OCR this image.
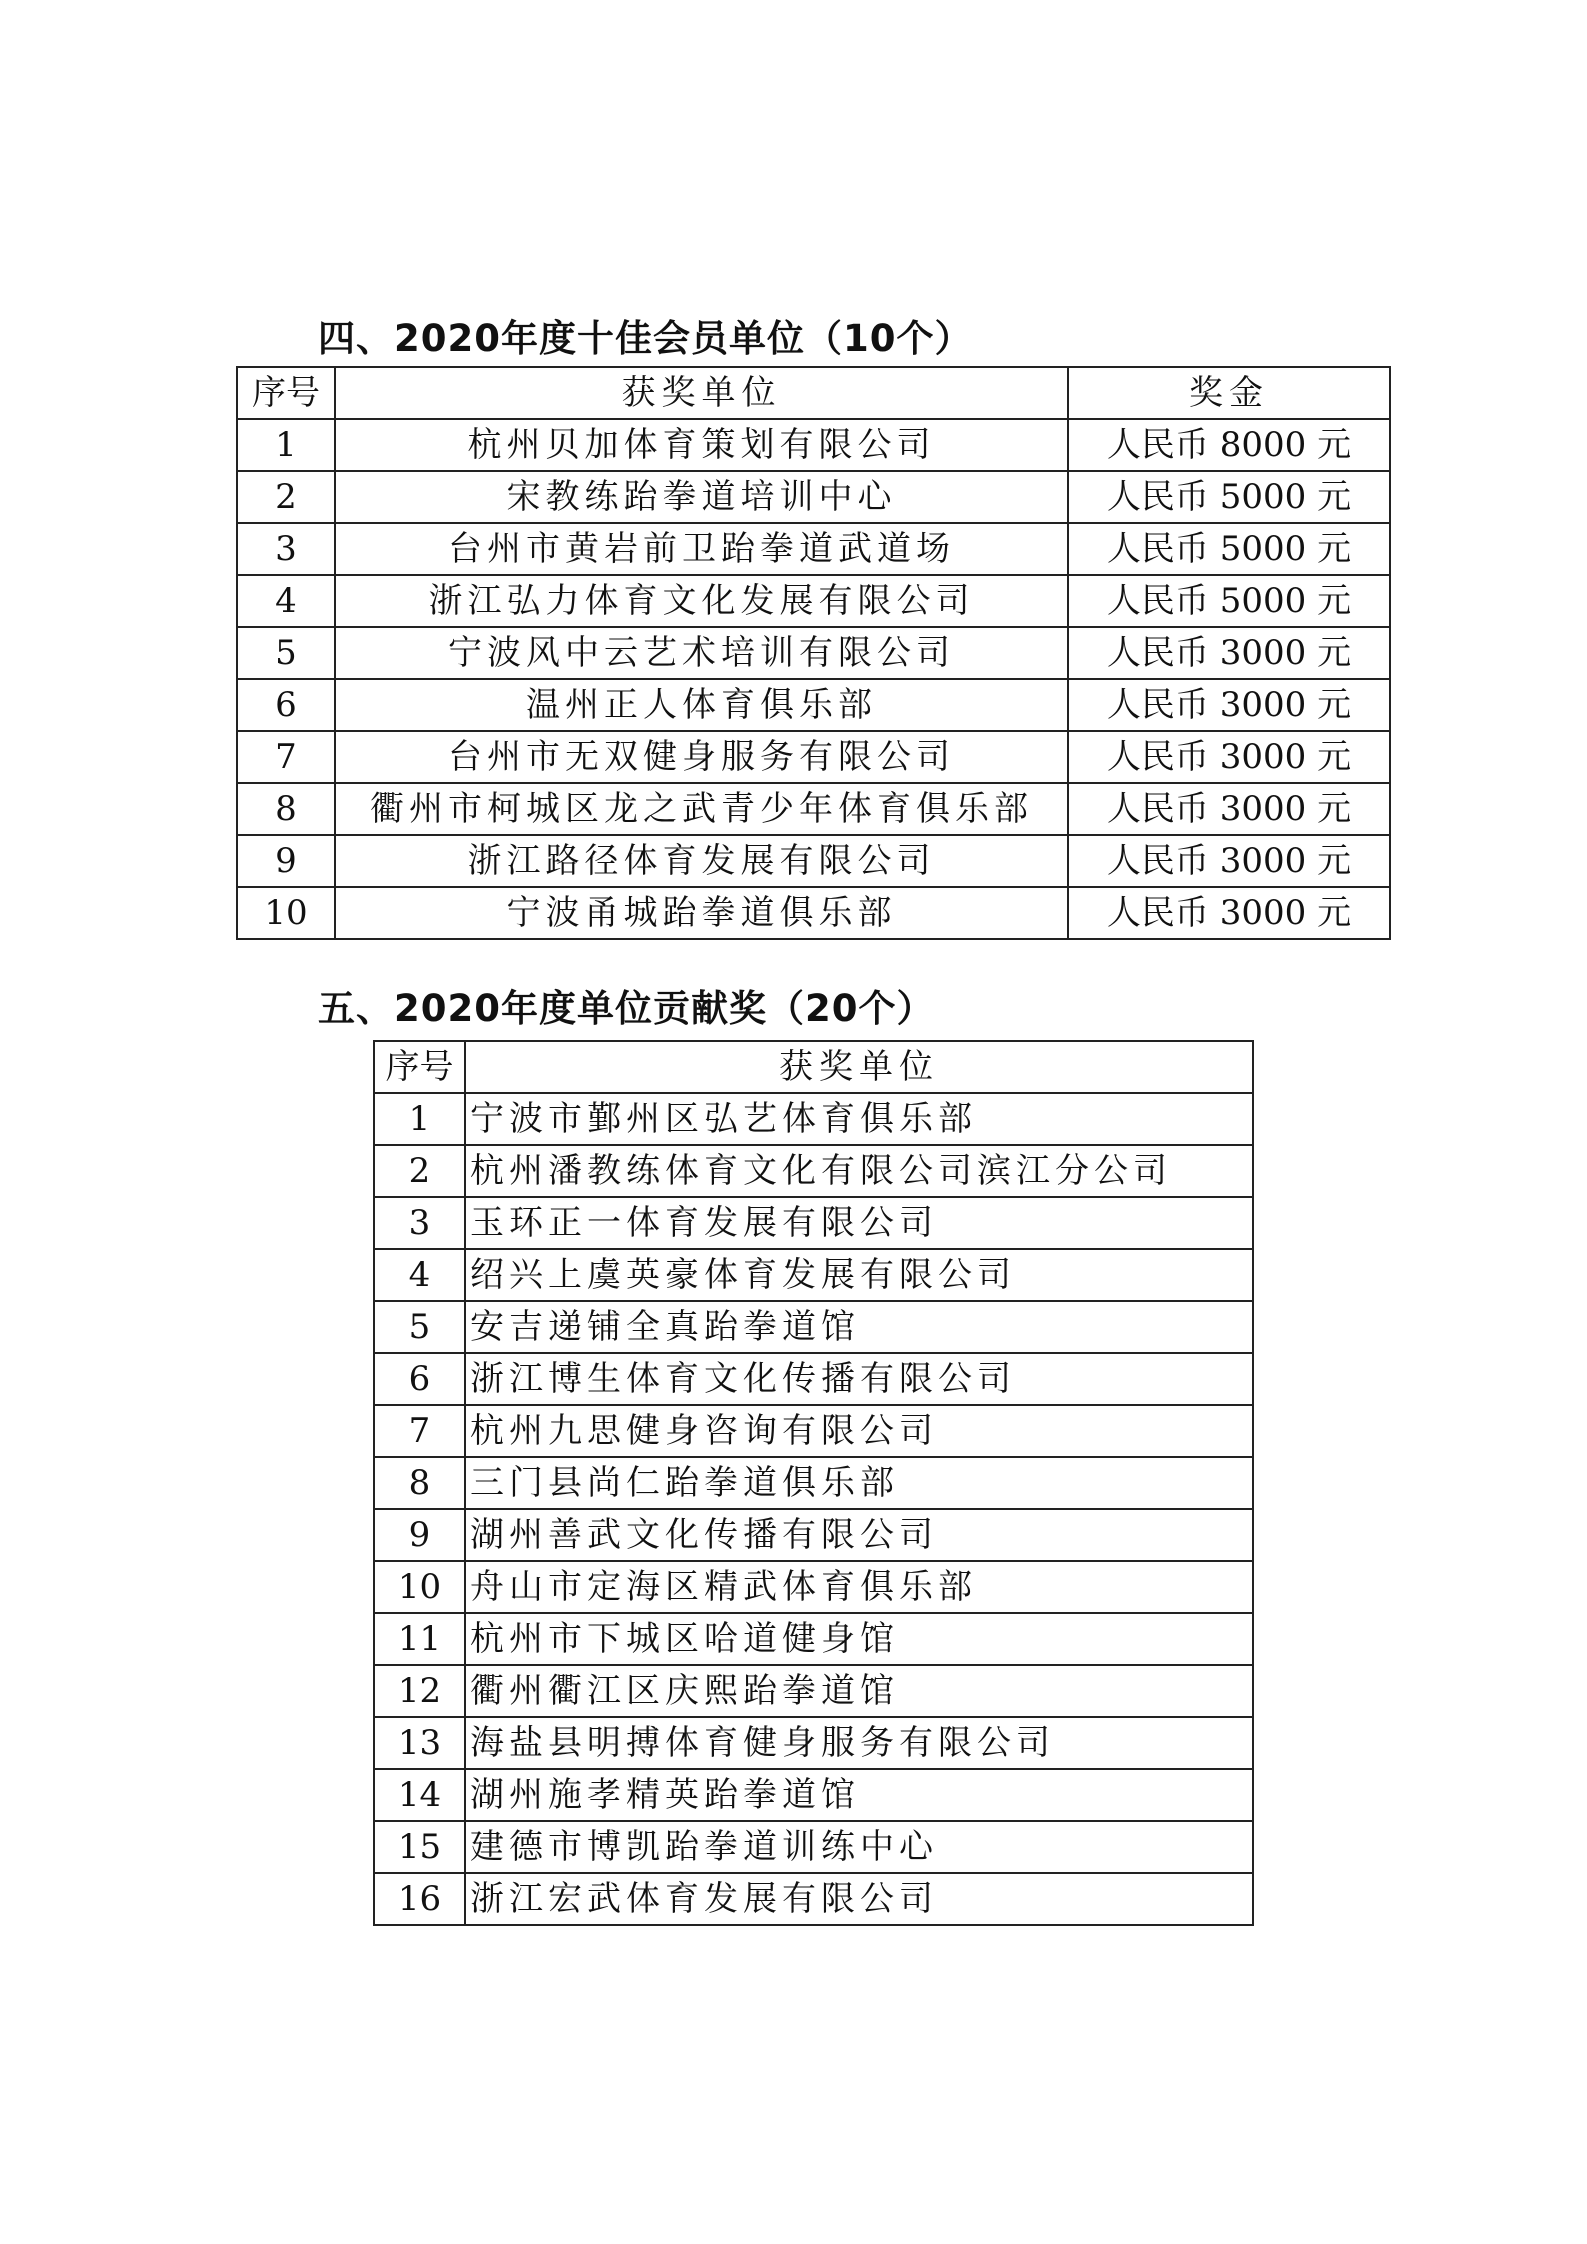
四、2020年度十佳会员单位（10个）
序号	获奖单位	奖金
1	杭州贝加体育策划有限公司	人民币 8000 元
2	宋教练跆拳道培训中心	人民币 5000 元
3	台州市黄岩前卫跆拳道武道场	人民币 5000 元
4	浙江弘力体育文化发展有限公司	人民币 5000 元
5	宁波风中云艺术培训有限公司	人民币 3000 元
6	温州正人体育俱乐部	人民币 3000 元
7	台州市无双健身服务有限公司	人民币 3000 元
8	衢州市柯城区龙之武青少年体育俱乐部	人民币 3000 元
9	浙江路径体育发展有限公司	人民币 3000 元
10	宁波甬城跆拳道俱乐部	人民币 3000 元
五、2020年度单位贡献奖（20个）
序号	获奖单位
1	宁波市鄞州区弘艺体育俱乐部
2	杭州潘教练体育文化有限公司滨江分公司
3	玉环正一体育发展有限公司
4	绍兴上虞英豪体育发展有限公司
5	安吉递铺全真跆拳道馆
6	浙江博生体育文化传播有限公司
7	杭州九思健身咨询有限公司
8	三门县尚仁跆拳道俱乐部
9	湖州善武文化传播有限公司
10	舟山市定海区精武体育俱乐部
11	杭州市下城区哈道健身馆
12	衢州衢江区庆熙跆拳道馆
13	海盐县明搏体育健身服务有限公司
14	湖州施孝精英跆拳道馆
15	建德市博凯跆拳道训练中心
16	浙江宏武体育发展有限公司
